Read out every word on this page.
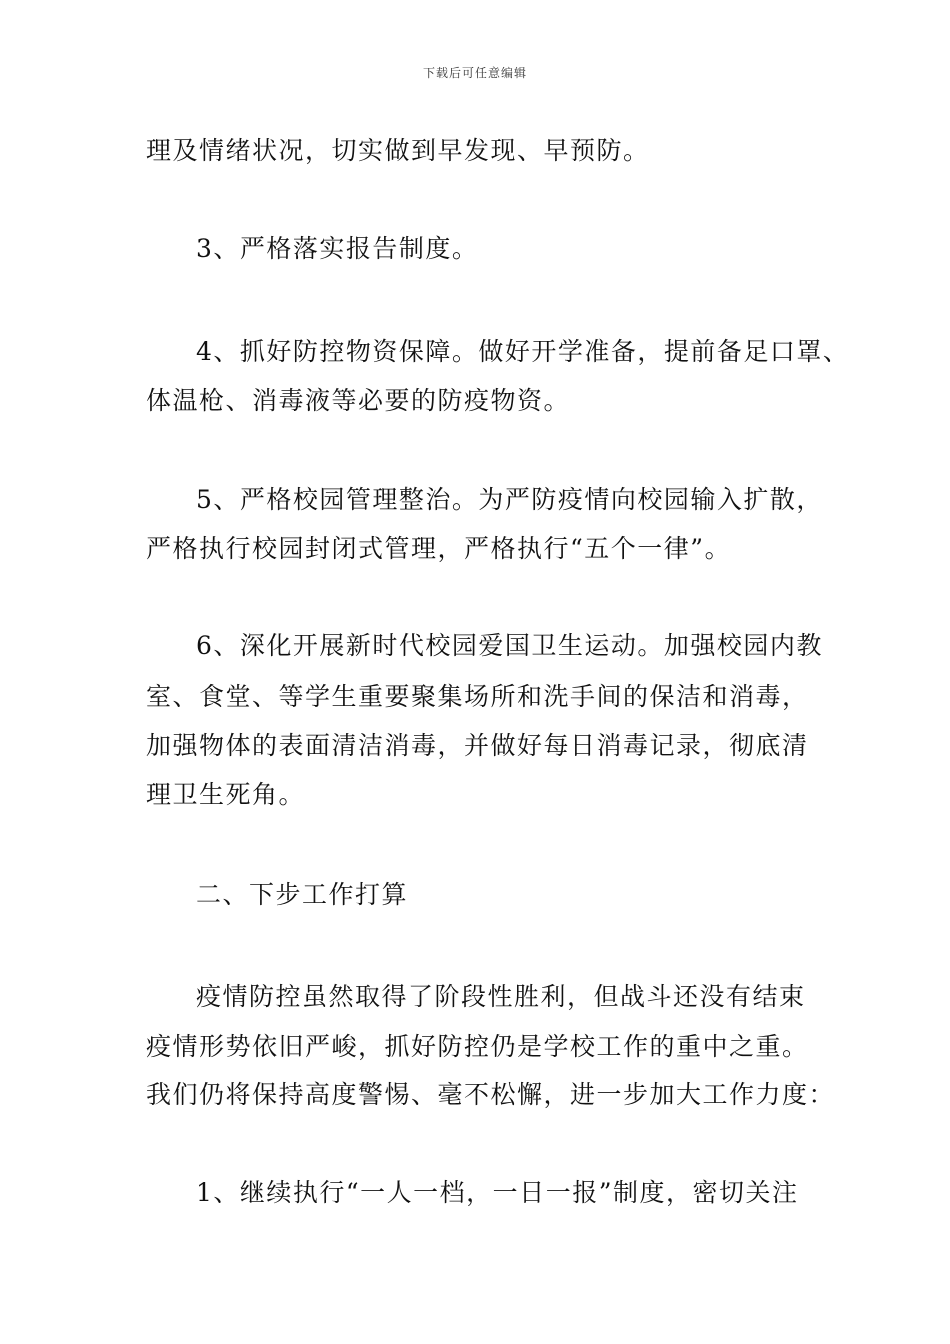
下载后可任意编辑
理及情绪状况，切实做到早发现、早预防。
3、严格落实报告制度。
4、抓好防控物资保障。做好开学准备，提前备足口罩、
体温枪、消毒液等必要的防疫物资。
5、严格校园管理整治。为严防疫情向校园输入扩散，
严格执行校园封闭式管理，严格执行“五个一律”。
6、深化开展新时代校园爱国卫生运动。加强校园内教
室、食堂、等学生重要聚集场所和洗手间的保洁和消毒，
加强物体的表面清洁消毒，并做好每日消毒记录，彻底清
理卫生死角。
二、下步工作打算
疫情防控虽然取得了阶段性胜利，但战斗还没有结束
疫情形势依旧严峻，抓好防控仍是学校工作的重中之重。
我们仍将保持高度警惕、毫不松懈，进一步加大工作力度：
1、继续执行“一人一档，一日一报”制度，密切关注
